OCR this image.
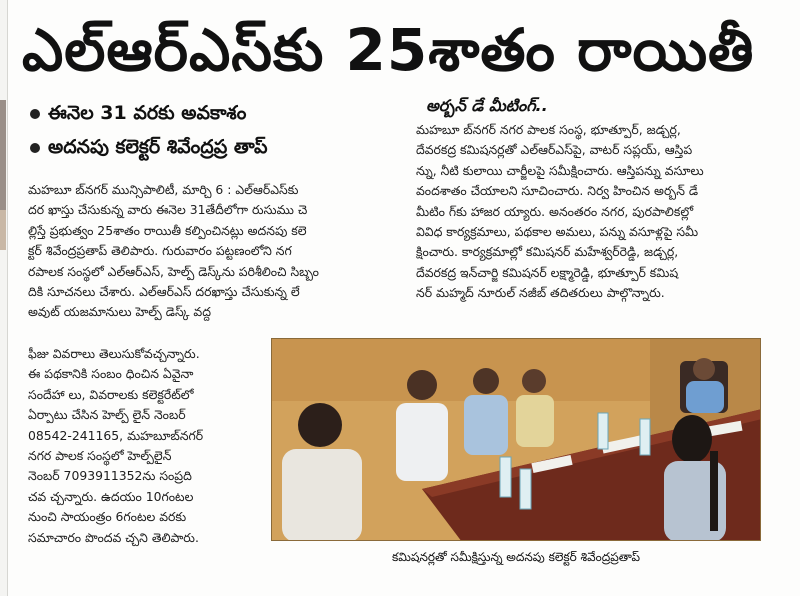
ఎల్ఆర్ఎస్‌కు 25శాతం రాయితీ
ఈనెల 31 వరకు అవకాశం
అదనపు కలెక్టర్ శివేంద్రప్ర తాప్
అర్బన్ డే మీటింగ్..

మహబూ బ్‌నగర్ మున్సిపాలిటీ, మార్చి 6 : ఎల్ఆర్ఎస్‌కు

దర ఖాస్తు చేసుకున్న వారు ఈనెల 31తేదీలోగా రుసుము చె

ల్లిస్తే ప్రభుత్వం 25శాతం రాయితీ కల్పించినట్లు అదనపు కలె

క్టర్ శివేంద్రప్రతాప్ తెలిపారు. గురువారం పట్టణంలోని నగ

రపాలక సంస్థలో ఎల్ఆర్ఎస్, హెల్ప్ డెస్క్‌ను పరిశీలించి సిబ్బం

దికి సూచనలు చేశారు. ఎల్ఆర్ఎస్ దరఖాస్తు చేసుకున్న లే

అవుట్ యజమానులు హెల్ప్ డెస్క్ వద్ద

ఫీజు వివరాలు తెలుసుకోవచ్చన్నారు.

ఈ పథకానికి సంబం ధించిన ఏవైనా

సందేహా లు, వివరాలకు కలెక్టరేట్‌లో

ఏర్పాటు చేసిన హెల్ప్ లైన్ నెంబర్

08542-241165, మహబూబ్‌నగర్

నగర పాలక సంస్థలో హెల్ప్‌లైన్

నెంబర్ 7093911352ను సంప్రది

చవ చ్చన్నారు. ఉదయం 10గంటల

నుంచి సాయంత్రం 6గంటల వరకు

సమాచారం పొందవ చ్చని తెలిపారు.

మహబూ బ్‌నగర్ నగర పాలక సంస్థ, భూత్పూర్, జడ్చర్ల,

దేవరకద్ర కమిషనర్లతో ఎల్ఆర్ఎస్‌పై, వాటర్ సప్లయ్, ఆస్తిప

న్ను, నీటి కులాయి చార్జీలపై సమీక్షించారు. ఆస్తిపన్ను వసూలు

వందశాతం చేయాలని సూచించారు. నిర్వ హించిన అర్బన్ డే

మీటిం గ్‌కు హాజర య్యారు. అనంతరం నగర, పురపాలికల్లో

వివిధ కార్యక్రమాలు, పథకాల అమలు, పన్ను వసూళ్లపై సమీ

క్షించారు. కార్యక్రమాల్లో కమిషనర్ మహేశ్వర్‌రెడ్డి, జడ్చర్ల,

దేవరకద్ర ఇన్‌చార్జి కమిషనర్ లక్ష్మారెడ్డి, భూత్పూర్ కమిష

నర్ మహ్మద్ నూరుల్ నజీబ్ తదితరులు పాల్గొన్నారు.

కమిషనర్లతో సమీక్షిస్తున్న అదనపు కలెక్టర్ శివేంద్రప్రతాప్
